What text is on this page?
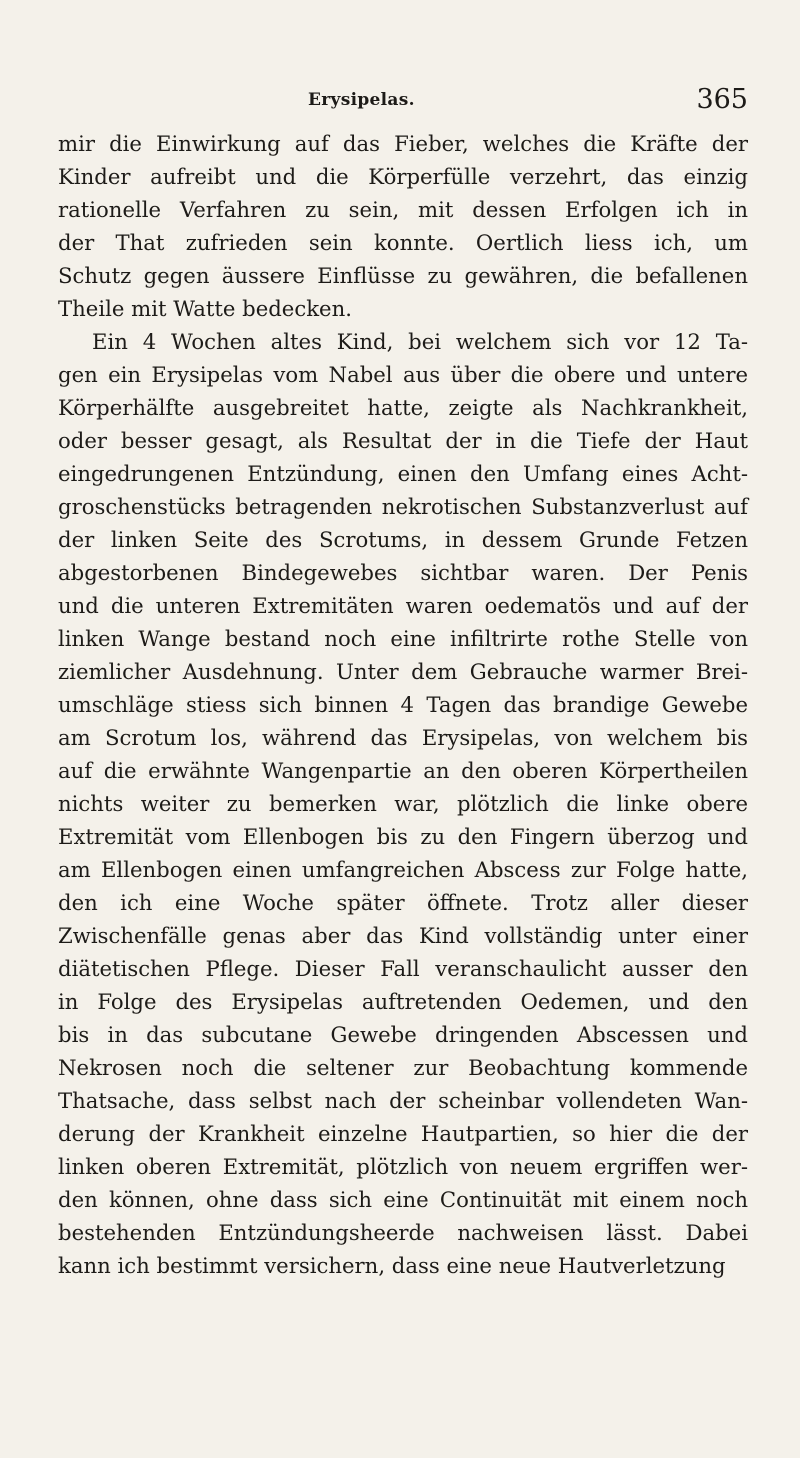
Erysipelas.	365
mir die Einwirkung auf das Fieber, welches die Kräfte der
Kinder aufreibt und die Körperfülle verzehrt, das einzig
rationelle Verfahren zu sein, mit dessen Erfolgen ich in
der That zufrieden sein konnte. Oertlich liess ich, um
Schutz gegen äussere Einflüsse zu gewähren, die befallenen
Theile mit Watte bedecken.
Ein 4 Wochen altes Kind, bei welchem sich vor 12 Ta-
gen ein Erysipelas vom Nabel aus über die obere und untere
Körperhälfte ausgebreitet hatte, zeigte als Nachkrankheit,
oder besser gesagt, als Resultat der in die Tiefe der Haut
eingedrungenen Entzündung, einen den Umfang eines Acht-
groschenstücks betragenden nekrotischen Substanzverlust auf
der linken Seite des Scrotums, in dessem Grunde Fetzen
abgestorbenen Bindegewebes sichtbar waren. Der Penis
und die unteren Extremitäten waren oedematös und auf der
linken Wange bestand noch eine infiltrirte rothe Stelle von
ziemlicher Ausdehnung. Unter dem Gebrauche warmer Brei-
umschläge stiess sich binnen 4 Tagen das brandige Gewebe
am Scrotum los, während das Erysipelas, von welchem bis
auf die erwähnte Wangenpartie an den oberen Körpertheilen
nichts weiter zu bemerken war, plötzlich die linke obere
Extremität vom Ellenbogen bis zu den Fingern überzog und
am Ellenbogen einen umfangreichen Abscess zur Folge hatte,
den ich eine Woche später öffnete. Trotz aller dieser
Zwischenfälle genas aber das Kind vollständig unter einer
diätetischen Pflege. Dieser Fall veranschaulicht ausser den
in Folge des Erysipelas auftretenden Oedemen, und den
bis in das subcutane Gewebe dringenden Abscessen und
Nekrosen noch die seltener zur Beobachtung kommende
Thatsache, dass selbst nach der scheinbar vollendeten Wan-
derung der Krankheit einzelne Hautpartien, so hier die der
linken oberen Extremität, plötzlich von neuem ergriffen wer-
den können, ohne dass sich eine Continuität mit einem noch
bestehenden Entzündungsheerde nachweisen lässt. Dabei
kann ich bestimmt versichern, dass eine neue Hautverletzung
